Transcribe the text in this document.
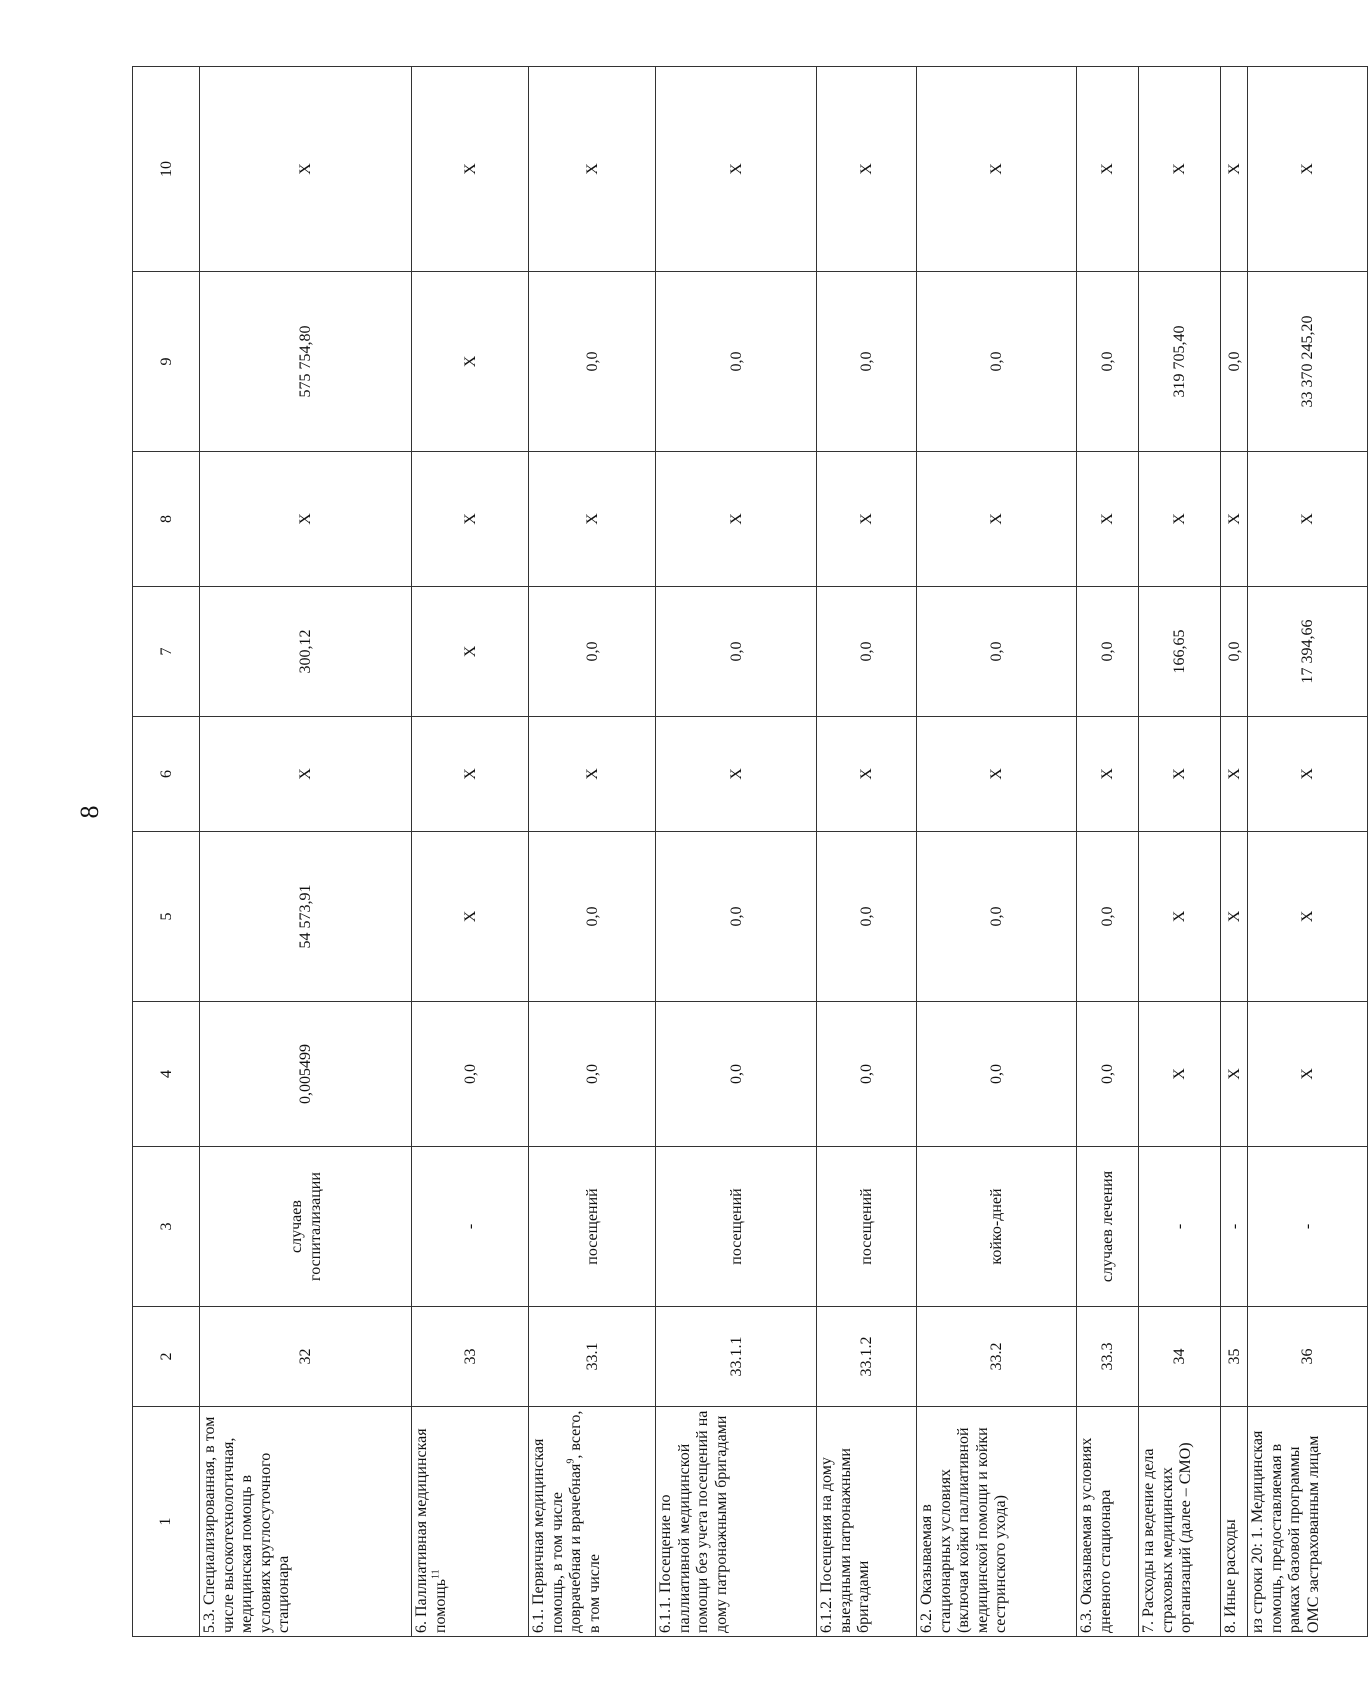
8
1	2	3	4	5	6	7	8	9	10
5.3. Специализированная, в том числе высокотехнологичная, медицинская помощь в условиях круглосуточного стационара	32	случаев госпитализации	0,005499	54 573,91	X	300,12	X	575 754,80	X
6. Паллиативная медицинская помощь$^{11}$	33	-	0,0	X	X	X	X	X	X
6.1. Первичная медицинская помощь, в том числе доврачебная и врачебная$^9$, всего, в том числе	33.1	посещений	0,0	0,0	X	0,0	X	0,0	X
6.1.1. Посещение по паллиативной медицинской помощи без учета посещений на дому патронажными бригадами	33.1.1	посещений	0,0	0,0	X	0,0	X	0,0	X
6.1.2. Посещения на дому выездными патронажными бригадами	33.1.2	посещений	0,0	0,0	X	0,0	X	0,0	X
6.2. Оказываемая в стационарных условиях (включая койки паллиативной медицинской помощи и койки сестринского ухода)	33.2	койко-дней	0,0	0,0	X	0,0	X	0,0	X
6.3. Оказываемая в условиях дневного стационара	33.3	случаев лечения	0,0	0,0	X	0,0	X	0,0	X
7. Расходы на ведение дела страховых медицинских организаций (далее – СМО)	34	-	X	X	X	166,65	X	319 705,40	X
8. Иные расходы	35	-	X	X	X	0,0	X	0,0	X
из строки 20: 1. Медицинская помощь, предоставляемая в рамках базовой программы ОМС застрахованным лицам	36	-	X	X	X	17 394,66	X	33 370 245,20	X
